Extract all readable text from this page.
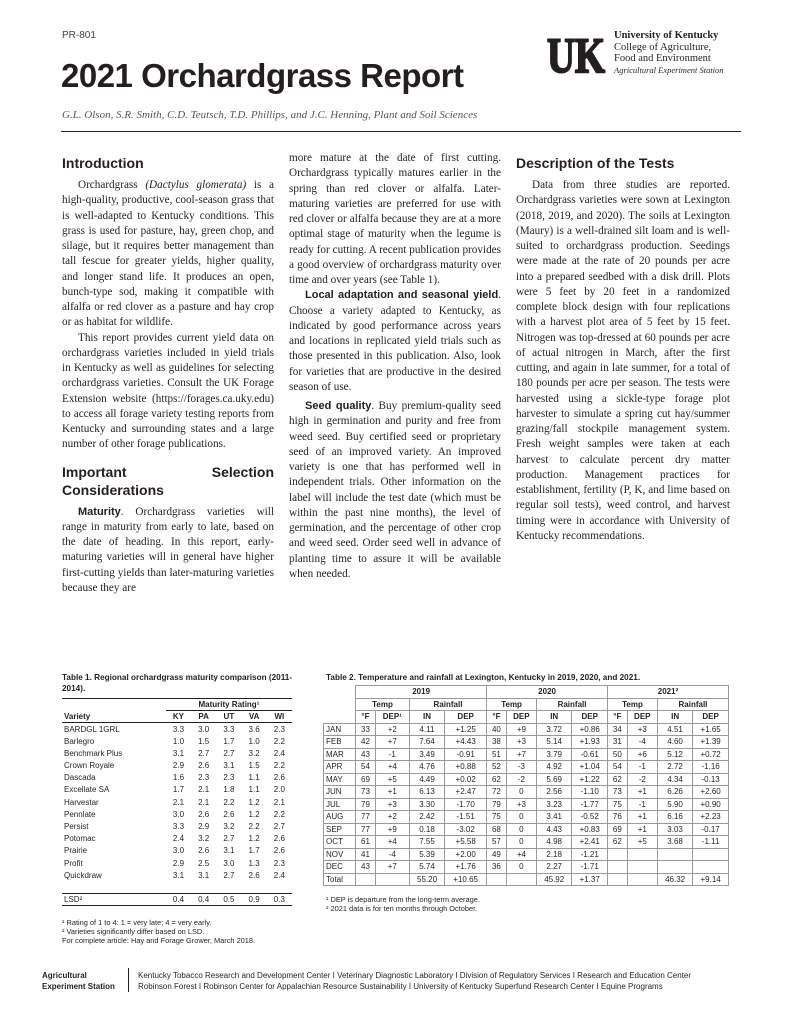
PR-801
2021 Orchardgrass Report
G.L. Olson, S.R. Smith, C.D. Teutsch, T.D. Phillips, and J.C. Henning, Plant and Soil Sciences
UK University of Kentucky
College of Agriculture,
Food and Environment
Agricultural Experiment Station
Introduction

Orchardgrass (Dactylus glomerata) is a high-quality, productive, cool-season grass that is well-adapted to Kentucky conditions. This grass is used for pasture, hay, green chop, and silage, but it requires better management than tall fescue for greater yields, higher quality, and longer stand life. It produces an open, bunch-type sod, making it compatible with alfalfa or red clover as a pasture and hay crop or as habitat for wildlife.

This report provides current yield data on orchardgrass varieties included in yield trials in Kentucky as well as guidelines for selecting orchardgrass varieties. Consult the UK Forage Extension website (https://forages.ca.uky.edu) to access all forage variety testing reports from Kentucky and surrounding states and a large number of other forage publications.

Important Selection Considerations

Maturity. Orchardgrass varieties will range in maturity from early to late, based on the date of heading. In this report, early-maturing varieties will in general have higher first-cutting yields than later-maturing varieties because they are

more mature at the date of first cutting. Orchardgrass typically matures earlier in the spring than red clover or alfalfa. Later-maturing varieties are preferred for use with red clover or alfalfa because they are at a more optimal stage of maturity when the legume is ready for cutting. A recent publication provides a good overview of orchardgrass maturity over time and over years (see Table 1).

Local adaptation and seasonal yield. Choose a variety adapted to Kentucky, as indicated by good performance across years and locations in replicated yield trials such as those presented in this publication. Also, look for varieties that are productive in the desired season of use.

Seed quality. Buy premium-quality seed high in germination and purity and free from weed seed. Buy certified seed or proprietary seed of an improved variety. An improved variety is one that has performed well in independent trials. Other information on the label will include the test date (which must be within the past nine months), the level of germination, and the percentage of other crop and weed seed. Order seed well in advance of planting time to assure it will be available when needed.

Description of the Tests

Data from three studies are reported. Orchardgrass varieties were sown at Lexington (2018, 2019, and 2020). The soils at Lexington (Maury) is a well-drained silt loam and is well-suited to orchardgrass production. Seedings were made at the rate of 20 pounds per acre into a prepared seedbed with a disk drill. Plots were 5 feet by 20 feet in a randomized complete block design with four replications with a harvest plot area of 5 feet by 15 feet. Nitrogen was top-dressed at 60 pounds per acre of actual nitrogen in March, after the first cutting, and again in late summer, for a total of 180 pounds per acre per season. The tests were harvested using a sickle-type forage plot harvester to simulate a spring cut hay/summer grazing/fall stockpile management system. Fresh weight samples were taken at each harvest to calculate percent dry matter production. Management practices for establishment, fertility (P, K, and lime based on regular soil tests), weed control, and harvest timing were in accordance with University of Kentucky recommendations.

Table 1. Regional orchardgrass maturity comparison (2011-2014).
	Maturity Rating¹				
Variety	KY	PA	UT	VA	WI
BARDGL 1GRL	3.3	3.0	3.3	3.6	2.3
Barlegro	1.0	1.5	1.7	1.0	2.2
Benchmark Plus	3.1	2.7	2.7	3.2	2.4
Crown Royale	2.9	2.6	3.1	1.5	2.2
Dascada	1.6	2.3	2.3	1.1	2.6
Excellate SA	1.7	2.1	1.8	1.1	2.0
Harvestar	2.1	2.1	2.2	1.2	2.1
Pennlate	3.0	2.6	2.6	1.2	2.2
Persist	3.3	2.9	3.2	2.2	2.7
Potomac	2.4	3.2	2.7	1.2	2.6
Prairie	3.0	2.6	3.1	1.7	2.6
Profit	2.9	2.5	3.0	1.3	2.3
Quickdraw	3.1	3.1	2.7	2.6	2.4

LSD²	0.4	0.4	0.5	0.9	0.3
¹ Rating of 1 to 4: 1 = very late; 4 = very early.
² Varieties significantly differ based on LSD.
For complete article: Hay and Forage Grower, March 2018.
Table 2. Temperature and rainfall at Lexington, Kentucky in 2019, 2020, and 2021.
	2019				2020				2021²			
	Temp		Rainfall		Temp		Rainfall		Temp		Rainfall	
	°F	DEP¹	IN	DEP	°F	DEP	IN	DEP	°F	DEP	IN	DEP
JAN	33	+2	4.11	+1.25	40	+9	3.72	+0.86	34	+3	4.51	+1.65
FEB	42	+7	7.64	+4.43	38	+3	5.14	+1.93	31	-4	4.60	+1.39
MAR	43	-1	3.49	-0.91	51	+7	3.79	-0.61	50	+6	5.12	+0.72
APR	54	+4	4.76	+0.88	52	-3	4.92	+1.04	54	-1	2.72	-1.16
MAY	69	+5	4.49	+0.02	62	-2	5.69	+1.22	62	-2	4.34	-0.13
JUN	73	+1	6.13	+2.47	72	0	2.56	-1.10	73	+1	6.26	+2.60
JUL	79	+3	3.30	-1.70	79	+3	3.23	-1.77	75	-1	5.90	+0.90
AUG	77	+2	2.42	-1.51	75	0	3.41	-0.52	76	+1	6.16	+2.23
SEP	77	+9	0.18	-3.02	68	0	4.43	+0.83	69	+1	3.03	-0.17
OCT	61	+4	7.55	+5.58	57	0	4.98	+2.41	62	+5	3.68	-1.11
NOV	41	-4	5.39	+2.00	49	+4	2.18	-1.21				
DEC	43	+7	5.74	+1.76	36	0	2.27	-1.71				
Total			55.20	+10.65			45.92	+1.37			46.32	+9.14
¹ DEP is departure from the long-term average.
² 2021 data is for ten months through October.
Agricultural
Experiment Station
Kentucky Tobacco Research and Development Center I Veterinary Diagnostic Laboratory I Division of Regulatory Services I Research and Education Center
Robinson Forest I Robinson Center for Appalachian Resource Sustainability I University of Kentucky Superfund Research Center I Equine Programs
